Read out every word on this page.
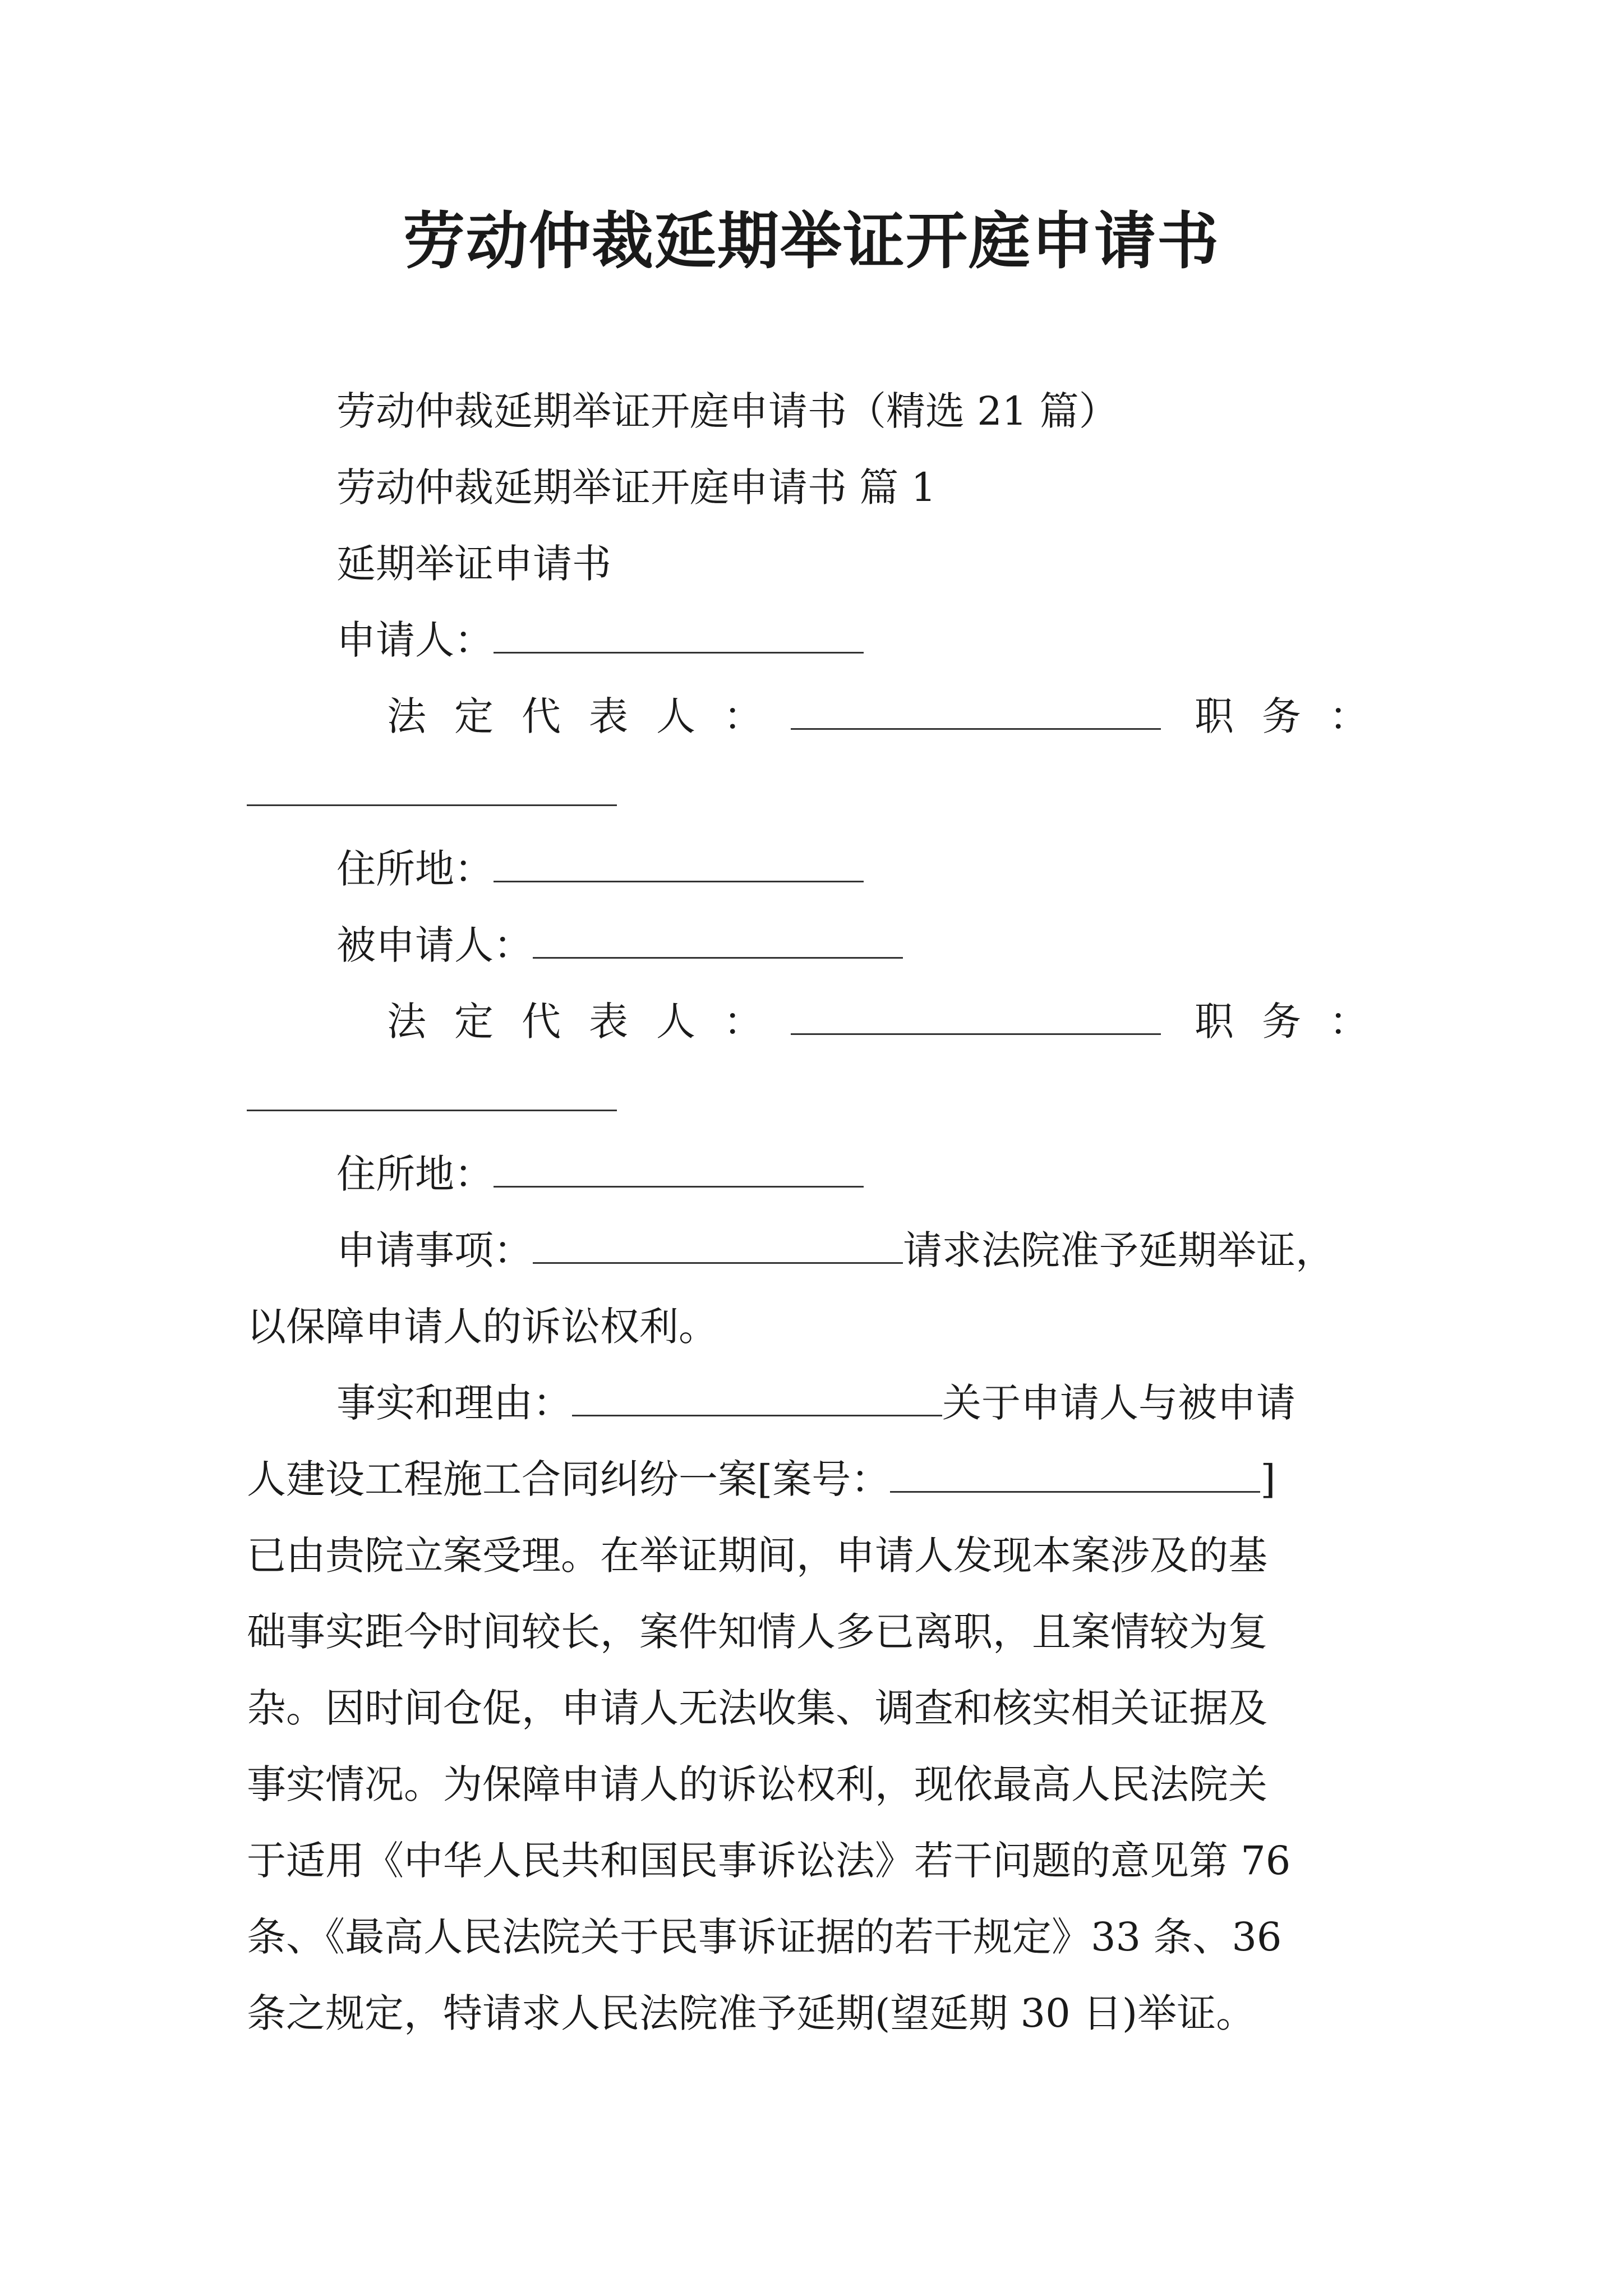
劳动仲裁延期举证开庭申请书
劳动仲裁延期举证开庭申请书（精选 21 篇）
劳动仲裁延期举证开庭申请书 篇 1
延期举证申请书
申请人：
法定代表人：	职务：
住所地：
被申请人：
法定代表人：	职务：
住所地：
申请事项：	请求法院准予延期举证，
以保障申请人的诉讼权利。
事实和理由：	关于申请人与被申请
人建设工程施工合同纠纷一案[案号：	]
已由贵院立案受理。在举证期间，申请人发现本案涉及的基
础事实距今时间较长，案件知情人多已离职，且案情较为复
杂。因时间仓促，申请人无法收集、调查和核实相关证据及
事实情况。为保障申请人的诉讼权利，现依最高人民法院关
于适用《中华人民共和国民事诉讼法》若干问题的意见第 76
条、《最高人民法院关于民事诉证据的若干规定》33 条、36
条之规定，特请求人民法院准予延期(望延期 30 日)举证。
